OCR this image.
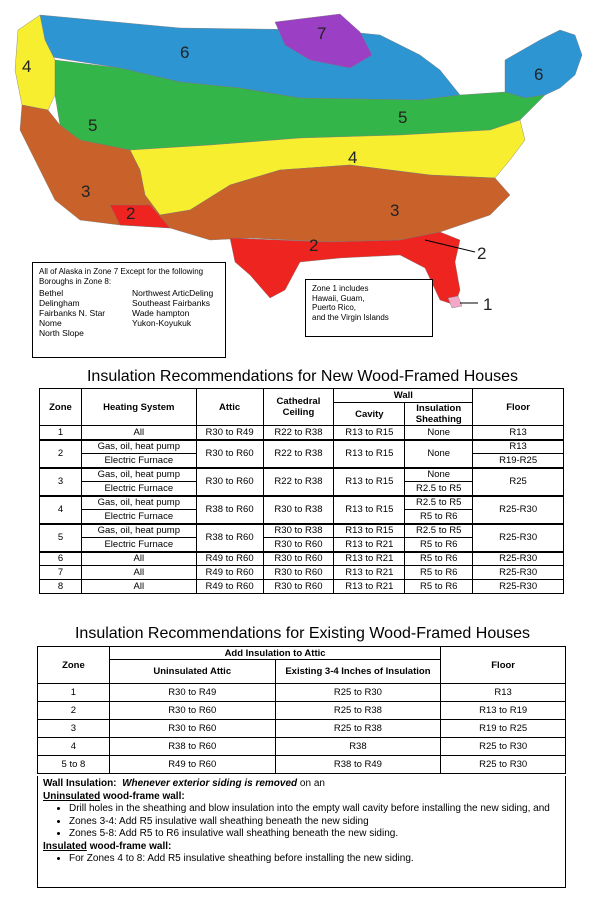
6
7
4
5	5
6
4
3
3
2
2	2
1
All of Alaska in Zone 7 Except for the following Boroughs in Zone 8:
Bethel
Delingham
Fairbanks N. Star
Nome
North Slope
Northwest ArticDeling
Southeast Fairbanks
Wade hampton
Yukon-Koyukuk
Zone 1 includes
Hawaii, Guam,
Puerto Rico,
and the Virgin Islands
Insulation Recommendations for New Wood-Framed Houses
Zone	Heating System	Attic	Cathedral Ceiling	Wall		Floor
				Cavity	Insulation Sheathing	
1	All	R30 to R49	R22 to R38	R13 to R15	None	R13
2	Gas, oil, heat pump	R30 to R60	R22 to R38	R13 to R15	None	R13
	Electric Furnace					R19-R25
3	Gas, oil, heat pump	R30 to R60	R22 to R38	R13 to R15	None	R25
	Electric Furnace				R2.5 to R5	
4	Gas, oil, heat pump	R38 to R60	R30 to R38	R13 to R15	R2.5 to R5	R25-R30
	Electric Furnace				R5 to R6	
5	Gas, oil, heat pump	R38 to R60	R30 to R38	R13 to R15	R2.5 to R5	R25-R30
	Electric Furnace		R30 to R60	R13 to R21	R5 to R6	
6	All	R49 to R60	R30 to R60	R13 to R21	R5 to R6	R25-R30
7	All	R49 to R60	R30 to R60	R13 to R21	R5 to R6	R25-R30
8	All	R49 to R60	R30 to R60	R13 to R21	R5 to R6	R25-R30
Insulation Recommendations for Existing Wood-Framed Houses
Zone	Add Insulation to Attic		Floor
	Uninsulated Attic	Existing 3-4 Inches of Insulation	
1	R30 to R49	R25 to R30	R13
2	R30 to R60	R25 to R38	R13 to R19
3	R30 to R60	R25 to R38	R19 to R25
4	R38 to R60	R38	R25 to R30
5 to 8	R49 to R60	R38 to R49	R25 to R30
Wall Insulation: Whenever exterior siding is removed on an
Uninsulated wood-frame wall:
• Drill holes in the sheathing and blow insulation into the empty wall cavity before installing the new siding, and
• Zones 3-4: Add R5 insulative wall sheathing beneath the new siding
• Zones 5-8: Add R5 to R6 insulative wall sheathing beneath the new siding.
Insulated wood-frame wall:
• For Zones 4 to 8: Add R5 insulative sheathing before installing the new siding.
